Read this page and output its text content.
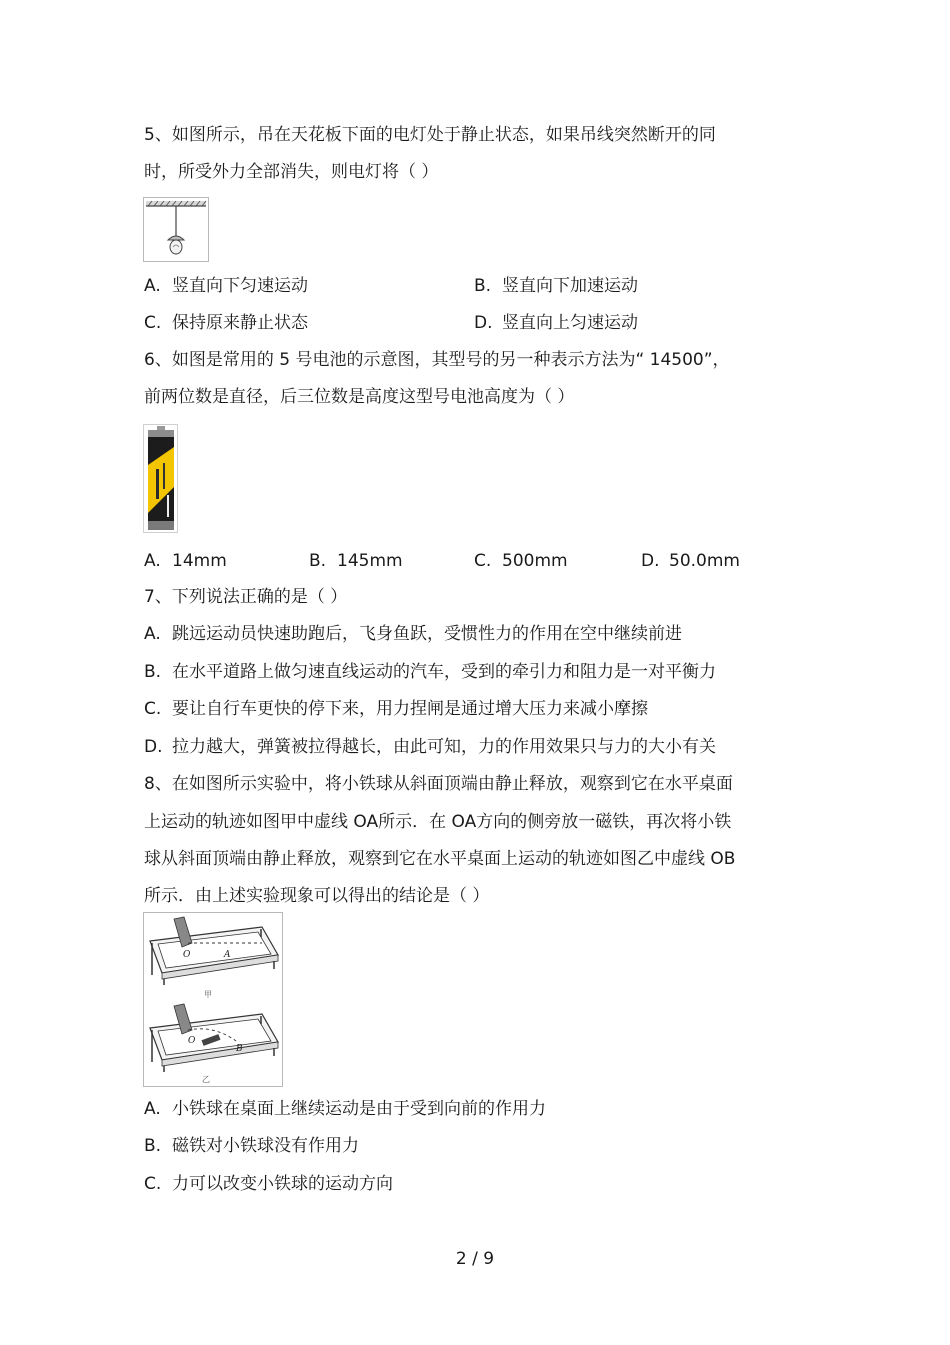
5、如图所示，吊在天花板下面的电灯处于静止状态，如果吊线突然断开的同
时，所受外力全部消失，则电灯将（ ）
A. 竖直向下匀速运动	B. 竖直向下加速运动
C. 保持原来静止状态	D. 竖直向上匀速运动
6、如图是常用的 5 号电池的示意图，其型号的另一种表示方法为“ 14500”，
前两位数是直径，后三位数是高度这型号电池高度为（ ）
A. 14mm	B. 145mm	C. 500mm	D. 50.0mm
7、下列说法正确的是（ ）
A. 跳远运动员快速助跑后，飞身鱼跃，受惯性力的作用在空中继续前进
B. 在水平道路上做匀速直线运动的汽车，受到的牵引力和阻力是一对平衡力
C. 要让自行车更快的停下来，用力捏闸是通过增大压力来减小摩擦
D. 拉力越大，弹簧被拉得越长，由此可知，力的作用效果只与力的大小有关
8、在如图所示实验中，将小铁球从斜面顶端由静止释放，观察到它在水平桌面
上运动的轨迹如图甲中虚线 OA所示．在 OA方向的侧旁放一磁铁，再次将小铁
球从斜面顶端由静止释放，观察到它在水平桌面上运动的轨迹如图乙中虚线 OB
所示．由上述实验现象可以得出的结论是（ ）
O	A
甲
O
B
乙
A. 小铁球在桌面上继续运动是由于受到向前的作用力
B. 磁铁对小铁球没有作用力
C. 力可以改变小铁球的运动方向
2 / 9
